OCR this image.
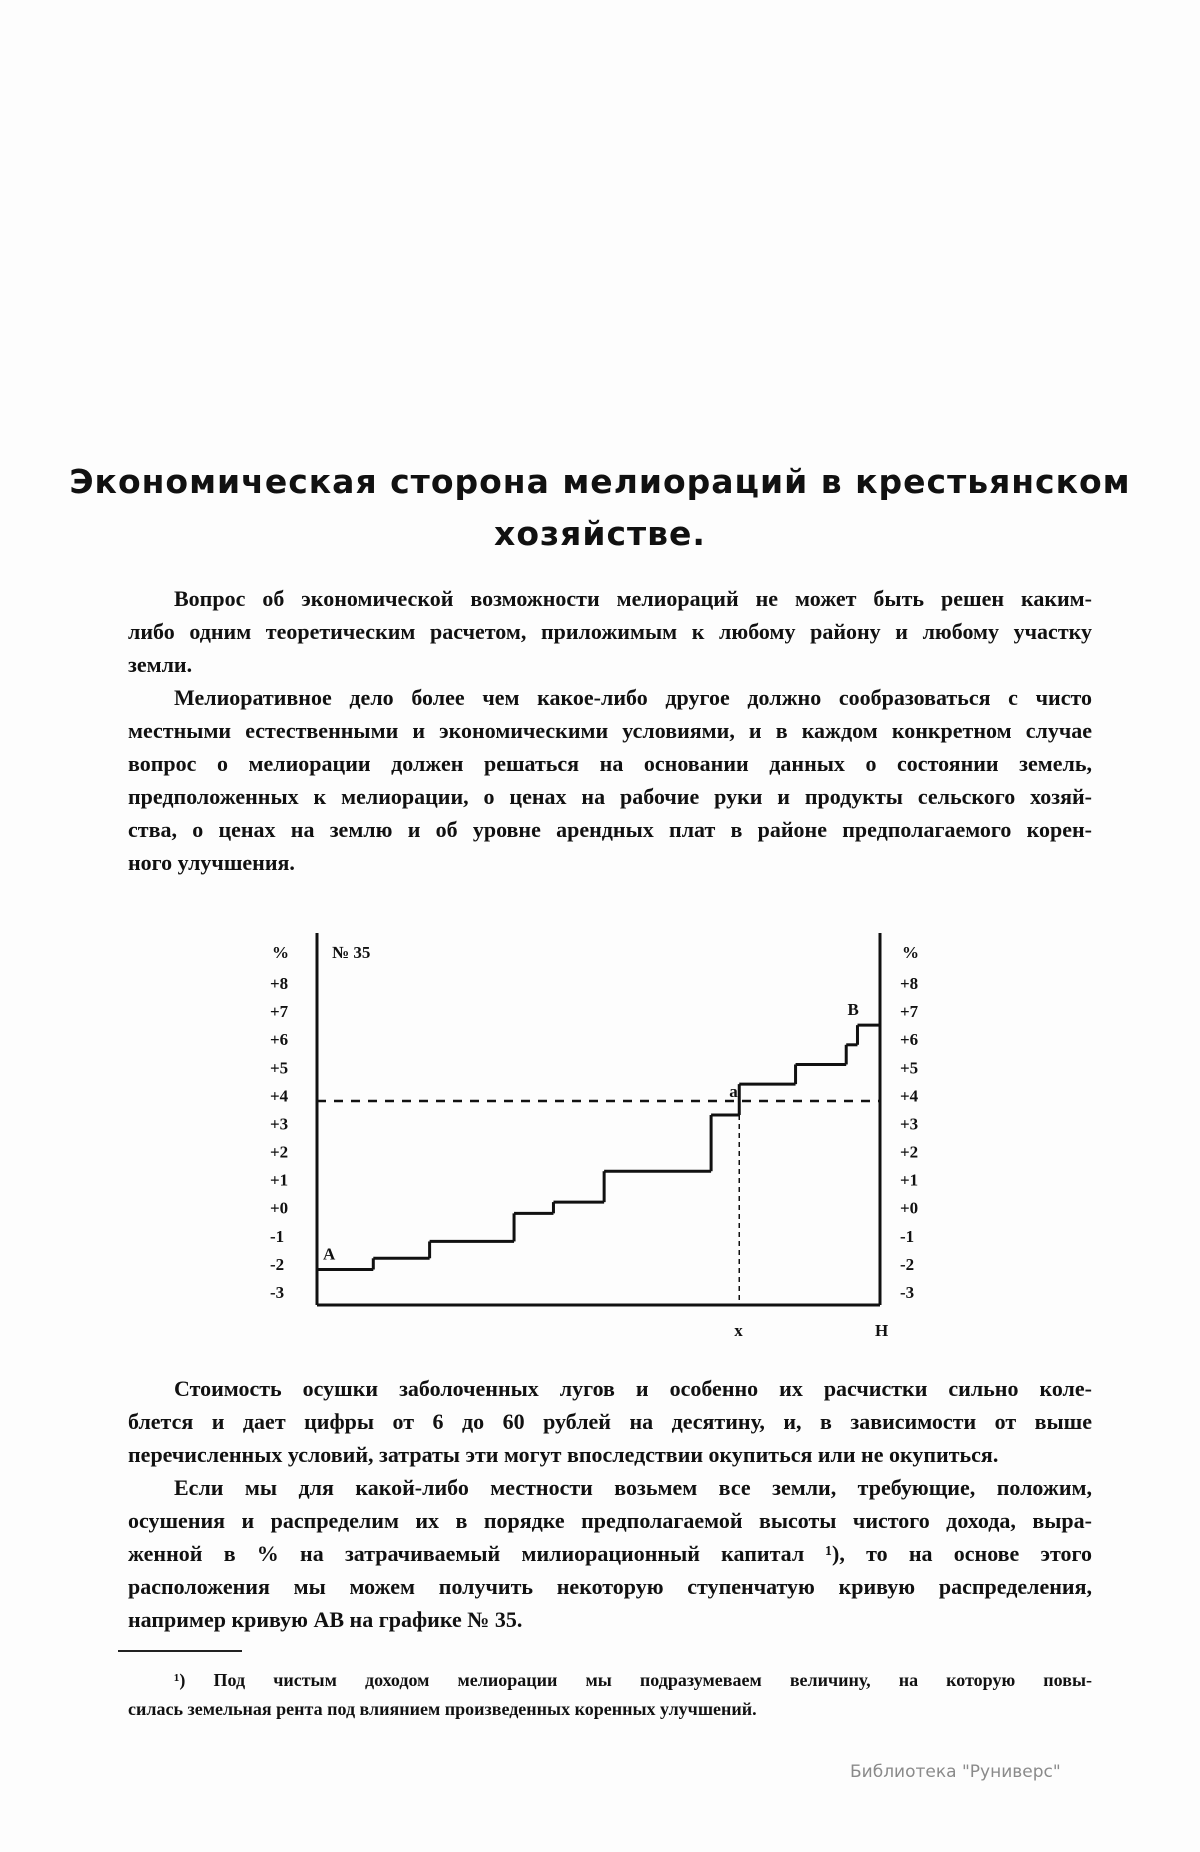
Экономическая сторона мелиораций в крестьянском
хозяйстве.
Вопрос об экономической возможности мелиораций не может быть решен каким-
либо одним теоретическим расчетом, приложимым к любому району и любому участку
земли.
Мелиоративное дело более чем какое-либо другое должно сообразоваться с чисто
местными естественными и экономическими условиями, и в каждом конкретном случае
вопрос о мелиорации должен решаться на основании данных о состоянии земель,
предположенных к мелиорации, о ценах на рабочие руки и продукты сельского хозяй-
ства, о ценах на землю и об уровне арендных плат в районе предполагаемого корен-
ного улучшения.
%	%
№ 35
-3	-3
-2	-2
-1	-1
+0	+0
+1	+1
+2	+2
+3	+3
+4	+4
+5	+5
+6	+6
+7	+7
+8	+8
x	H
A
B
a
Стоимость осушки заболоченных лугов и особенно их расчистки сильно коле-
блется и дает цифры от 6 до 60 рублей на десятину, и, в зависимости от выше
перечисленных условий, затраты эти могут впоследствии окупиться или не окупиться.
Если мы для какой-либо местности возьмем все земли, требующие, положим,
осушения и распределим их в порядке предполагаемой высоты чистого дохода, выра-
женной в % на затрачиваемый милиорационный капитал ¹), то на основе этого
расположения мы можем получить некоторую ступенчатую кривую распределения,
например кривую AB на графике № 35.
¹) Под чистым доходом мелиорации мы подразумеваем величину, на которую повы-
силась земельная рента под влиянием произведенных коренных улучшений.
Библиотека "Руниверс"
